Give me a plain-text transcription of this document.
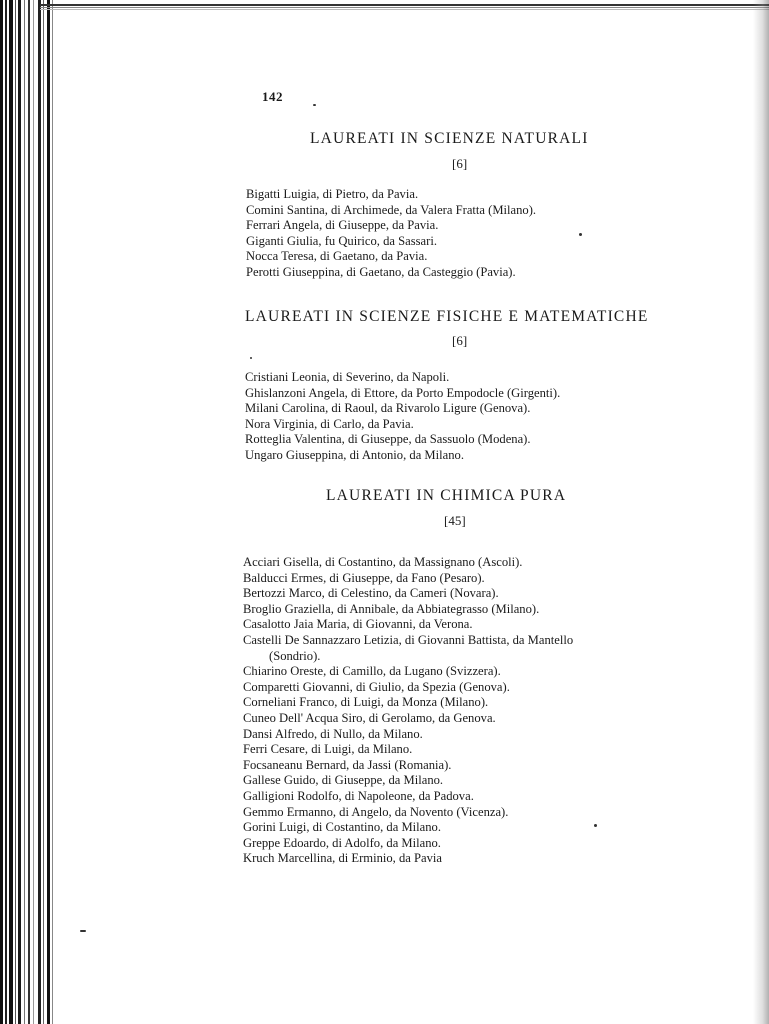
142
LAUREATI IN SCIENZE NATURALI
[6]
Bigatti Luigia, di Pietro, da Pavia.
Comini Santina, di Archimede, da Valera Fratta (Milano).
Ferrari Angela, di Giuseppe, da Pavia.
Giganti Giulia, fu Quirico, da Sassari.
Nocca Teresa, di Gaetano, da Pavia.
Perotti Giuseppina, di Gaetano, da Casteggio (Pavia).
LAUREATI IN SCIENZE FISICHE E MATEMATICHE
[6]
Cristiani Leonia, di Severino, da Napoli.
Ghislanzoni Angela, di Ettore, da Porto Empodocle (Girgenti).
Milani Carolina, di Raoul, da Rivarolo Ligure (Genova).
Nora Virginia, di Carlo, da Pavia.
Rotteglia Valentina, di Giuseppe, da Sassuolo (Modena).
Ungaro Giuseppina, di Antonio, da Milano.
LAUREATI IN CHIMICA PURA
[45]
Acciari Gisella, di Costantino, da Massignano (Ascoli).
Balducci Ermes, di Giuseppe, da Fano (Pesaro).
Bertozzi Marco, di Celestino, da Cameri (Novara).
Broglio Graziella, di Annibale, da Abbiategrasso (Milano).
Casalotto Jaia Maria, di Giovanni, da Verona.
Castelli De Sannazzaro Letizia, di Giovanni Battista, da Mantello
(Sondrio).
Chiarino Oreste, di Camillo, da Lugano (Svizzera).
Comparetti Giovanni, di Giulio, da Spezia (Genova).
Corneliani Franco, di Luigi, da Monza (Milano).
Cuneo Dell' Acqua Siro, di Gerolamo, da Genova.
Dansi Alfredo, di Nullo, da Milano.
Ferri Cesare, di Luigi, da Milano.
Focsaneanu Bernard, da Jassi (Romania).
Gallese Guido, di Giuseppe, da Milano.
Galligioni Rodolfo, di Napoleone, da Padova.
Gemmo Ermanno, di Angelo, da Novento (Vicenza).
Gorini Luigi, di Costantino, da Milano.
Greppe Edoardo, di Adolfo, da Milano.
Kruch Marcellina, di Erminio, da Pavia
